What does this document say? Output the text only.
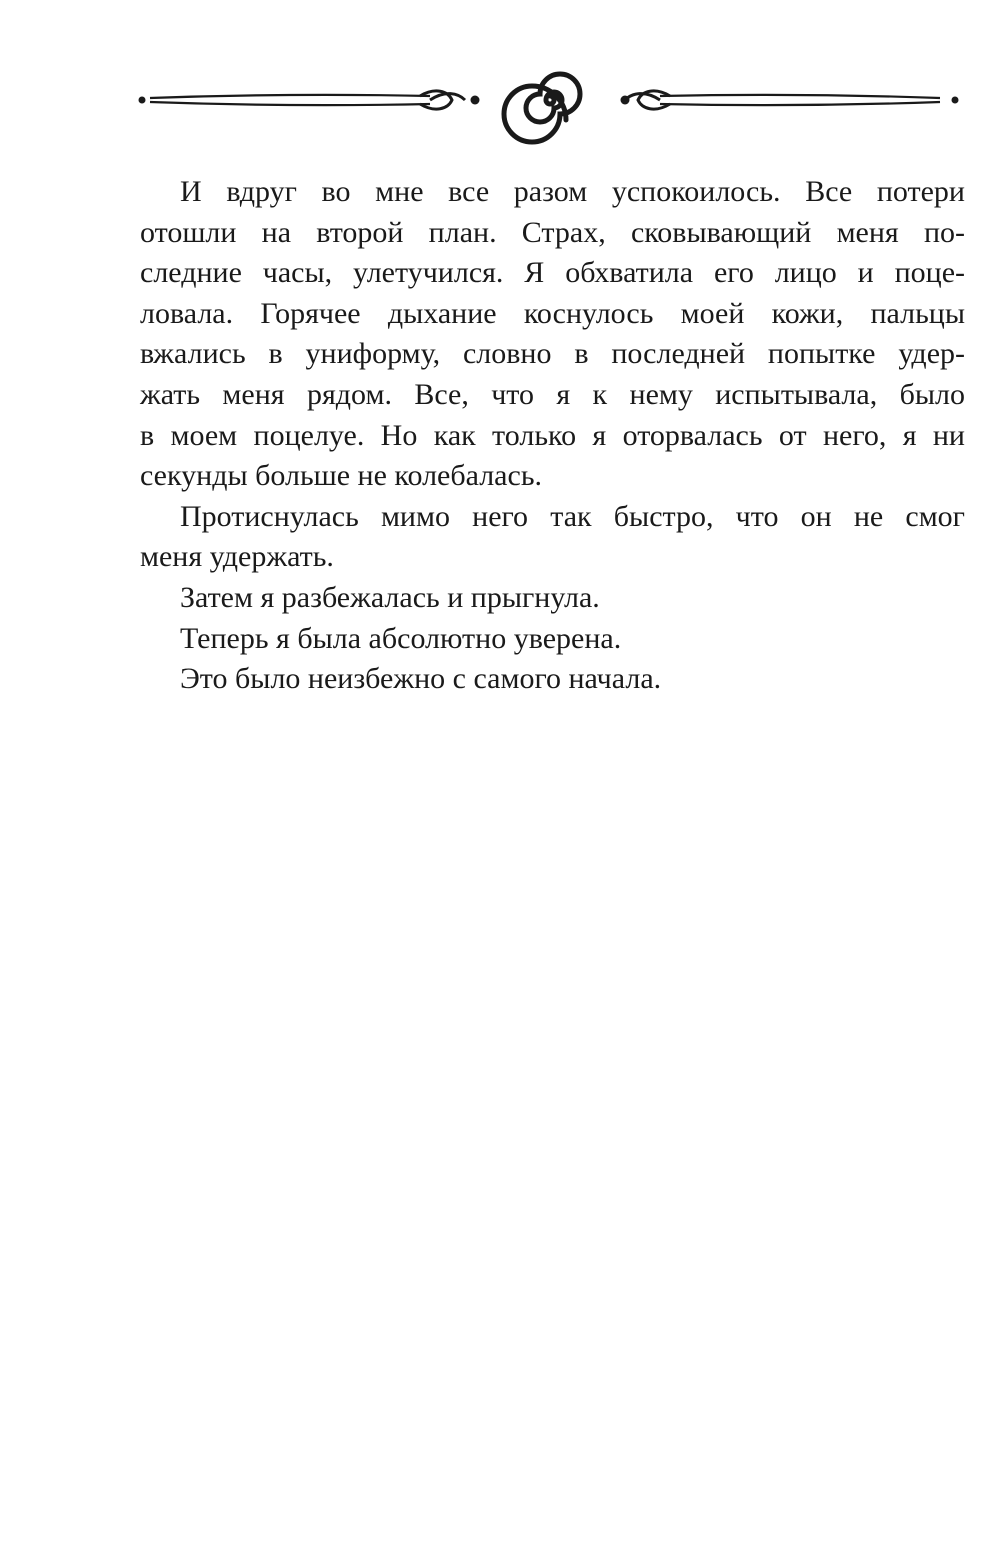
И вдруг во мне все разом успокоилось. Все потери
отошли на второй план. Страх, сковывающий меня по-
следние часы, улетучился. Я обхватила его лицо и поце-
ловала. Горячее дыхание коснулось моей кожи, пальцы
вжались в униформу, словно в последней попытке удер-
жать меня рядом. Все, что я к нему испытывала, было
в моем поцелуе. Но как только я оторвалась от него, я ни
секунды больше не колебалась.
Протиснулась мимо него так быстро, что он не смог
меня удержать.
Затем я разбежалась и прыгнула.
Теперь я была абсолютно уверена.
Это было неизбежно с самого начала.
